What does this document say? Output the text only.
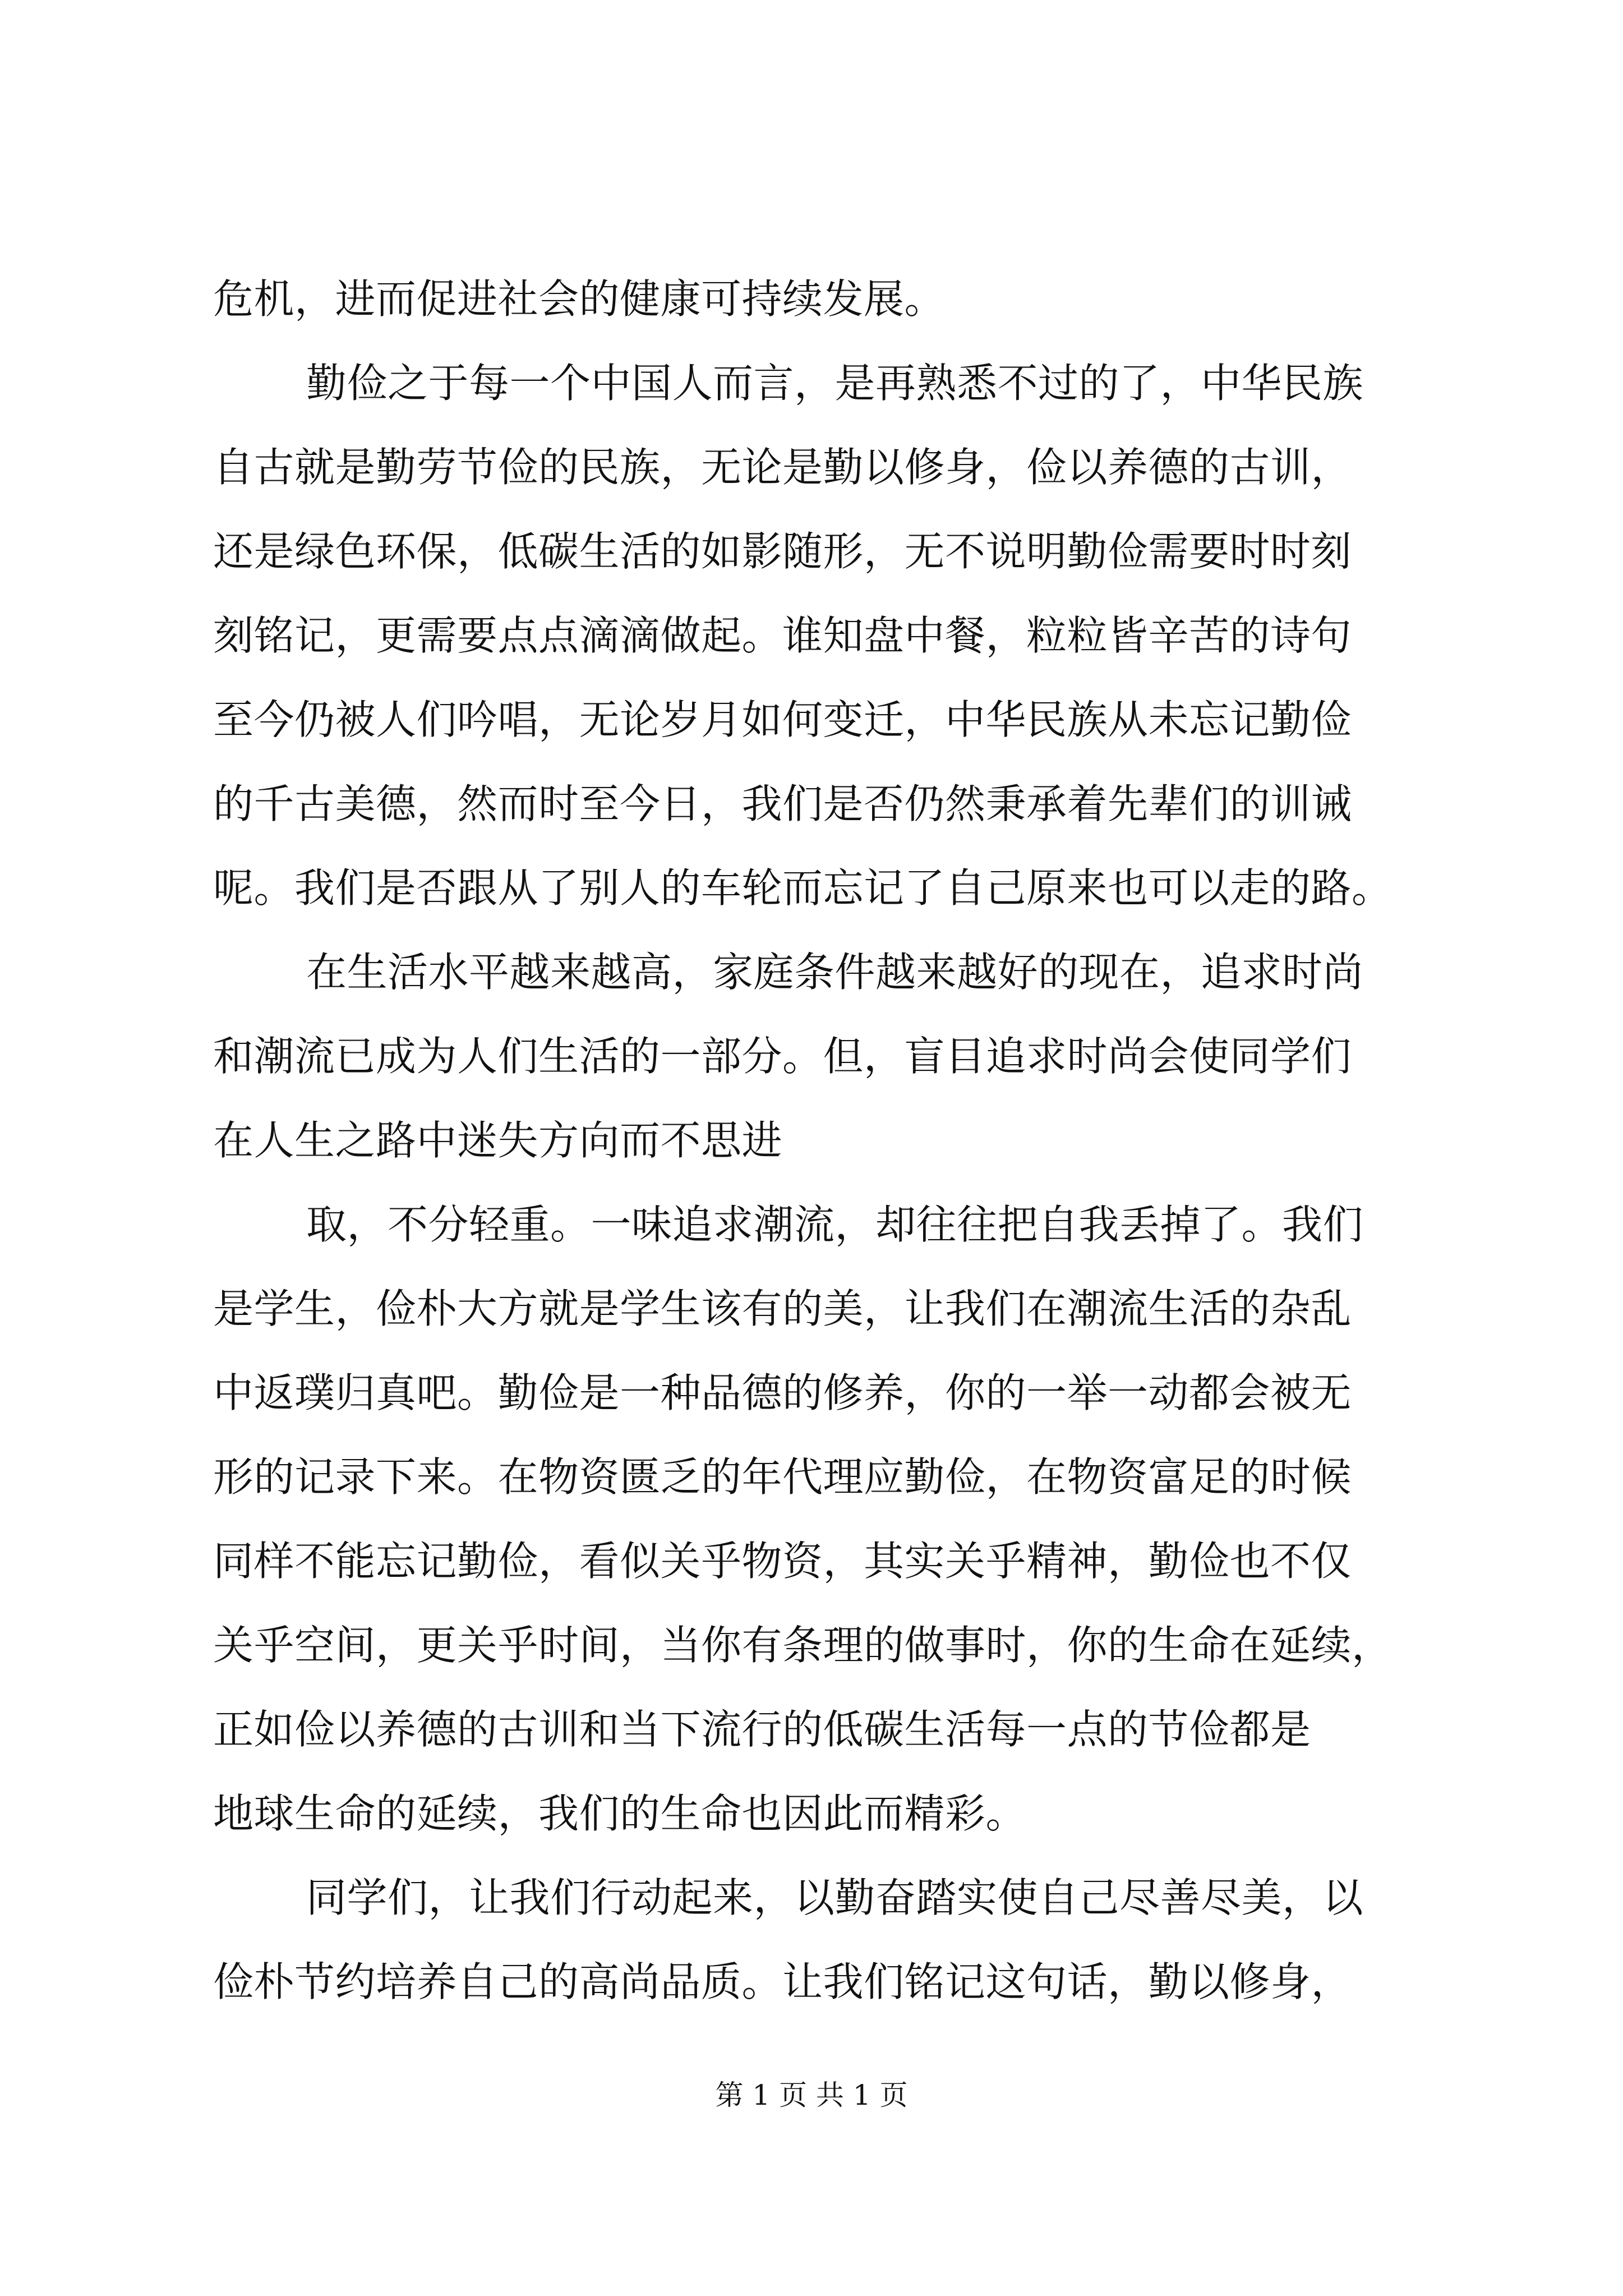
危机，进而促进社会的健康可持续发展。
勤俭之于每一个中国人而言，是再熟悉不过的了，中华民族
自古就是勤劳节俭的民族，无论是勤以修身，俭以养德的古训，
还是绿色环保，低碳生活的如影随形，无不说明勤俭需要时时刻
刻铭记，更需要点点滴滴做起。谁知盘中餐，粒粒皆辛苦的诗句
至今仍被人们吟唱，无论岁月如何变迁，中华民族从未忘记勤俭
的千古美德，然而时至今日，我们是否仍然秉承着先辈们的训诫
呢。我们是否跟从了别人的车轮而忘记了自己原来也可以走的路。
在生活水平越来越高，家庭条件越来越好的现在，追求时尚
和潮流已成为人们生活的一部分。但，盲目追求时尚会使同学们
在人生之路中迷失方向而不思进
取，不分轻重。一味追求潮流，却往往把自我丢掉了。我们
是学生，俭朴大方就是学生该有的美，让我们在潮流生活的杂乱
中返璞归真吧。勤俭是一种品德的修养，你的一举一动都会被无
形的记录下来。在物资匮乏的年代理应勤俭，在物资富足的时候
同样不能忘记勤俭，看似关乎物资，其实关乎精神，勤俭也不仅
关乎空间，更关乎时间，当你有条理的做事时，你的生命在延续，
正如俭以养德的古训和当下流行的低碳生活每一点的节俭都是
地球生命的延续，我们的生命也因此而精彩。
同学们，让我们行动起来，以勤奋踏实使自己尽善尽美，以
俭朴节约培养自己的高尚品质。让我们铭记这句话，勤以修身，
第 1 页 共 1 页
